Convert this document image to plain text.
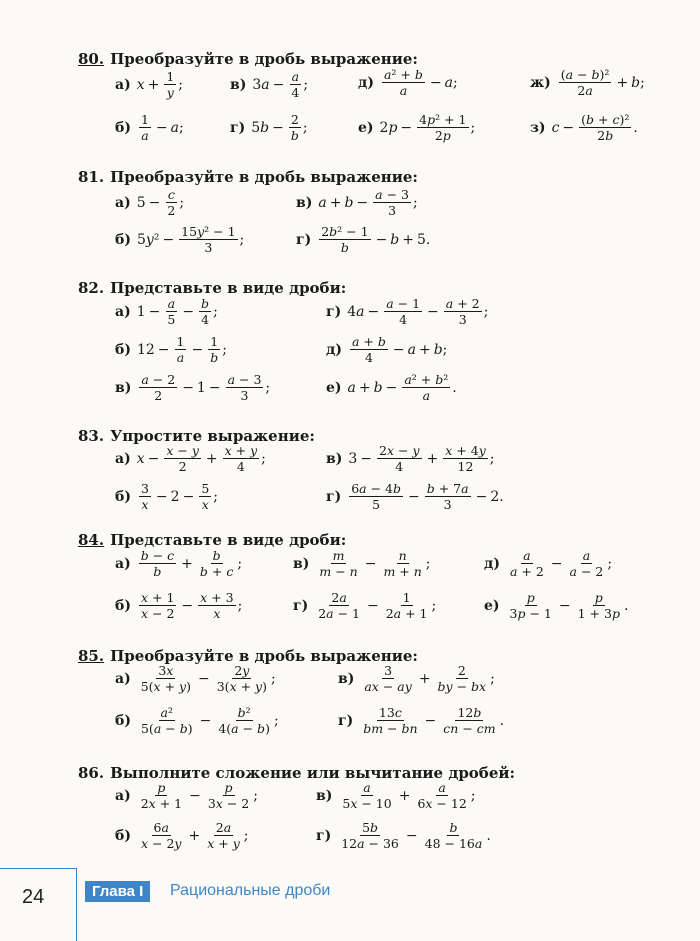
80. Преобразуйте в дробь выражение:
а) $x + \frac{1}{y}$ ;	в) 3 $a - \frac{a}{4}$ ;	$д) \frac{\text{a² + b}}{a} - a$ ;	$ж) \frac{\text{(a − b)²}}{2a} + b$ ;
$б) \frac{1}{a} - a$ ;	г) 5 $b - \frac{2}{b}$ ;	е) 2 $p - \frac{\text{4p² + 1}}{2p}$ ;	з) $c - \frac{\text{(b + c)²}}{2b}$ .
81. Преобразуйте в дробь выражение:
а) $5 - \frac{c}{2}$ ;	в) $a + b - \frac{a - 3}{3}$ ;
б) 5 y $^2 - \frac{\text{15y² − 1}}{3}$ ;	$г) \frac{\text{2b² − 1}}{b} - b + 5$.
82. Представьте в виде дроби:
а) $1 - \frac{a}{5} - \frac{b}{4}$ ;	г) 4 $a - \frac{a - 1}{4} - \frac{a + 2}{3}$ ;
б) $12 - \frac{1}{a} - \frac{1}{b}$ ;	$д) \frac{a + b}{4} - a + b$ ;
$в) \frac{a - 2}{2} - 1 - \frac{a - 3}{3}$ ;	е) $a + b - \frac{\text{a² + b²}}{a}$ .
83. Упростите выражение:
а) $x - \frac{x - y}{2} + \frac{x + y}{4}$ ;	в) $3 - \frac{2x - y}{4} + \frac{x + 4y}{12}$ ;
$б) \frac{3}{x} - 2 - \frac{5}{x}$ ;	$г) \frac{6a - 4b}{5} - \frac{b + 7a}{3} - 2$.
84. Представьте в виде дроби:
$а) \frac{b - c}{b} + \frac{b}{b + c}$ ;	$в) \frac{m}{m - n} - \frac{n}{m + n}$ ;	$д) \frac{a}{a + 2} - \frac{a}{a - 2}$ ;
$б) \frac{x + 1}{x - 2} - \frac{x + 3}{x}$ ;	$г) \frac{2a}{2a - 1} - \frac{1}{2a + 1}$ ;	$е) \frac{p}{3p - 1} - \frac{p}{1 + 3p}$ .
85. Преобразуйте в дробь выражение:
$а) \frac{3x}{5(x + y)} - \frac{2y}{3(x + y)}$ ;	$в) \frac{3}{ax - ay} + \frac{2}{by - bx}$ ;
$б) \frac{\text{a²}}{5(a - b)} - \frac{\text{b²}}{4(a - b)}$ ;	$г) \frac{13c}{bm - bn} - \frac{12b}{cn - cm}$ .
86. Выполните сложение или вычитание дробей:
$а) \frac{p}{2x + 1} - \frac{p}{3x - 2}$ ;	$в) \frac{a}{5x - 10} + \frac{a}{6x - 12}$ ;
$б) \frac{6a}{x - 2y} + \frac{2a}{x + y}$ ;	$г) \frac{5b}{12a - 36} - \frac{b}{48 - 16a}$ .
24	Глава I	Рациональные дроби
